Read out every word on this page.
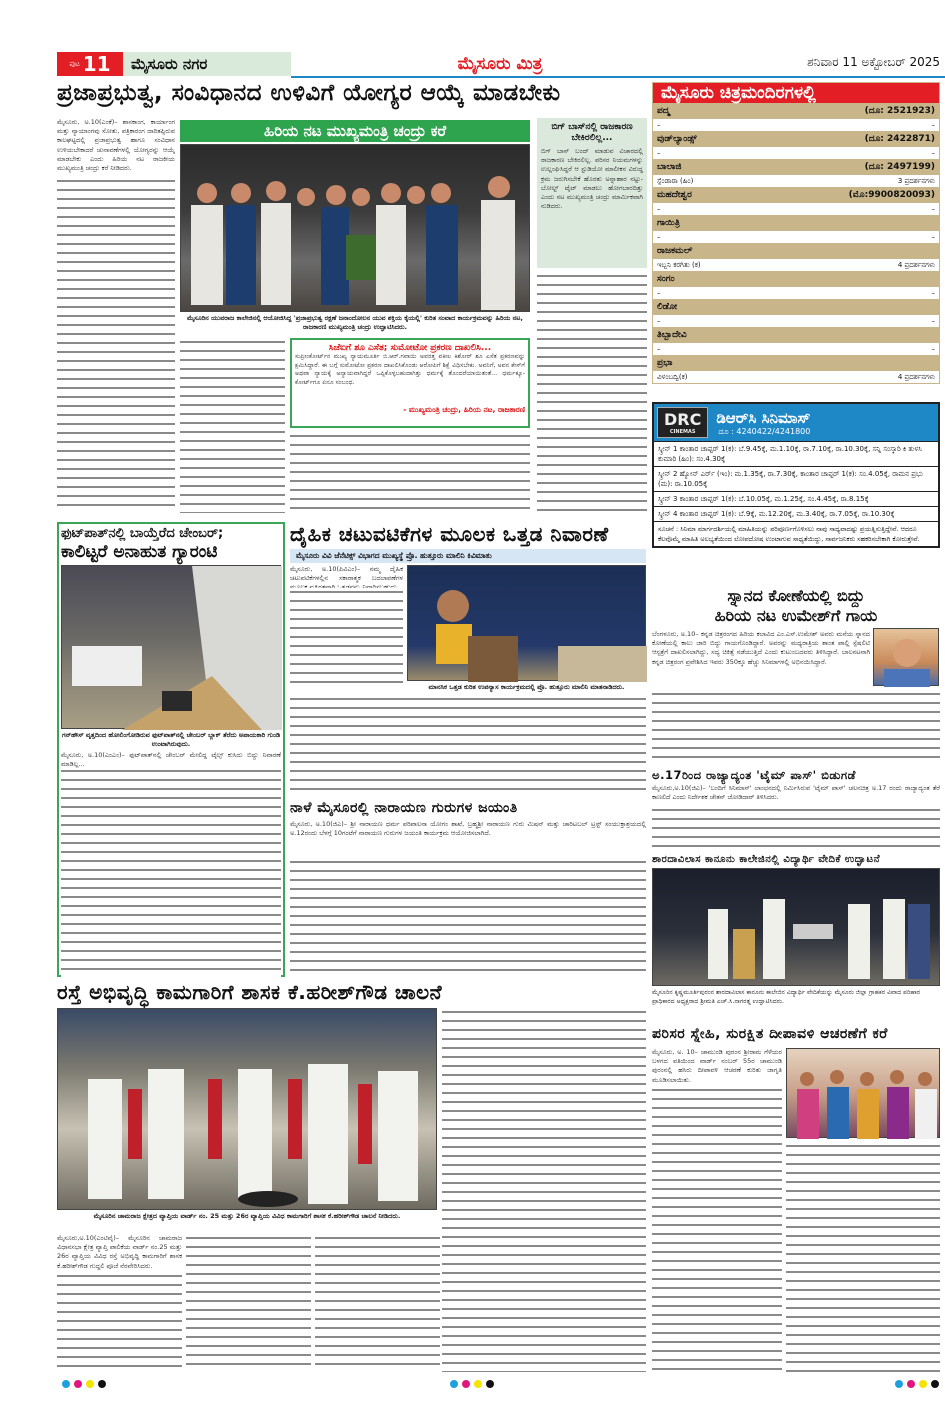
ಪುಟ 11	ಮೈಸೂರು ನಗರ	ಮೈಸೂರು ಮಿತ್ರ	ಶನಿವಾರ 11 ಅಕ್ಟೋಬರ್ 2025
ಪ್ರಜಾಪ್ರಭುತ್ವ, ಸಂವಿಧಾನದ ಉಳಿವಿಗೆ ಯೋಗ್ಯರ ಆಯ್ಕೆ ಮಾಡಬೇಕು
ಹಿರಿಯ ನಟ ಮುಖ್ಯಮಂತ್ರಿ ಚಂದ್ರು ಕರೆ
ಮೈಸೂರು, ಅ.10(ಎಂಕೆ)– ಶಾಸಕಾಂಗ, ಕಾರ್ಯಾಂಗ ಮತ್ತು ನ್ಯಾಯಾಂಗವು ಸೋತು, ಪತ್ರಿಕಾರಂಗ ದಾರಿತಪ್ಪಿರುವ ಕಾಲಘಟ್ಟದಲ್ಲಿ ಪ್ರಜಾಪ್ರಭುತ್ವ ಹಾಗೂ ಸಂವಿಧಾನ ಉಳಿಯಬೇಕಾದರೆ ಚುನಾವಣೆಗಳಲ್ಲಿ ಯೋಗ್ಯರನ್ನು ಆಯ್ಕೆ ಮಾಡಬೇಕು ಎಂದು ಹಿರಿಯ ನಟ ರಾಜಕೀಯ ಮುಖ್ಯಮಂತ್ರಿ ಚಂದ್ರು ಕರೆ ನೀಡಿದರು.
ಮೈಸೂರಿನ ಯುವರಾಜ ಕಾಲೇಜಿನಲ್ಲಿ ಆಯೋಜಿಸಿದ್ದ 'ಪ್ರಜಾಪ್ರಭುತ್ವ ರಕ್ಷಣೆ ಜನಾಂದೋಲನ ಯುವ ಶಕ್ತಿಯ ಕೈಯಲ್ಲಿ' ಕುರಿತ ಸಂವಾದ ಕಾರ್ಯಕ್ರಮವನ್ನು ಹಿರಿಯ ನಟ, ರಾಜಕಾರಣಿ ಮುಖ್ಯಮಂತ್ರಿ ಚಂದ್ರು ಉದ್ಘಾಟಿಸಿದರು.
ಬಿಗ್ ಬಾಸ್‌ನಲ್ಲಿ ರಾಜಕಾರಣ ಬೇಕಿರಲಿಲ್ಲ...
ಬಿಗ್ ಬಾಸ್ ಬಂದ್ ಮಾಡುವ ವಿಚಾರದಲ್ಲಿ ರಾಜಕಾರಣ ಬೇಕಿರಲಿಲ್ಲ. ಪರಿಸರ ನಿಯಮಗಳನ್ನು ಉಲ್ಲಂಘಿಸಿದ್ದರೆ ಆ ಸ್ಟುಡಿಯೋ ಮಾಲೀಕನ ವಿರುದ್ಧ ಕ್ರಮ ಜರುಗಿಸಬೇಕೆ ಹೊರತು ಅನ್ನಾಹಾರ ನಟ್ಟು-ಬೋಲ್ಟ್ ಟೈಟ್ ಮಾಡಲು ಹೋಗಬಾರದಿತ್ತು ಎಂದು ನಟ ಮುಖ್ಯಮಂತ್ರಿ ಚಂದ್ರು ಮಾರ್ಮಿಕವಾಗಿ ನುಡಿದರು.
ಸಿಜೆಐಗೆ ಶೂ ಎಸೆತ; ಸುಮೋಟೋ ಪ್ರಕರಣ ದಾಖಲಿಸಿ...
ಸುಪ್ರೀಂಕೋರ್ಟ್‌ನ ಮುಖ್ಯ ನ್ಯಾಯಮೂರ್ತಿ ಬಿ.ಆರ್.ಗವಾಯಿ ಅವರತ್ತ ವಕೀಲ ಕಿಶೋರ್ ಶೂ ಎಸೆತ ಪ್ರಕರಣವನ್ನು ಕ್ಷಮಿಸಿದ್ದಾರೆ. ಈ ಬಗ್ಗೆ ಸುಮೋಟೋ ಪ್ರಕರಣ ದಾಖಲಿಸಿಕೊಂಡು ಆರೋಪಿಗೆ ಶಿಕ್ಷೆ ವಿಧಿಸಬೇಕು. ಅವನಿಗೆ, ಅವನ ಕೇಸ್‌ಗೆ ಅಥವಾ ನ್ಯಾಯಕ್ಕೆ ಅನ್ಯಾಯವಾಗಿದ್ದರೆ ಒಪ್ಪಿಕೊಳ್ಳಬಹುದಾಗಿತ್ತು ಧರ್ಮಕ್ಕೆ ತೊಂದರೆಯಾಯಿತಂತೆ... ಧರ್ಮಕ್ಕೂ-ಕೋರ್ಟ್‌ಗೂ ಏನೂ ಸಂಬಂಧ.
- ಮುಖ್ಯಮಂತ್ರಿ ಚಂದ್ರು, ಹಿರಿಯ ನಟ, ರಾಜಕಾರಣಿ
ಮೈಸೂರು ಚಿತ್ರಮಂದಿರಗಳಲ್ಲಿ
ಪದ್ಮ	(ದೂ: 2521923)
–	–
ವುಡ್‌ಲ್ಯಾಂಡ್ಸ್	(ದೂ: 2422871)
–	–
ಬಾಲಾಜಿ	(ದೂ: 2497199)
ಸ್ಪೆಂಡಾರಾ (ಹಿಂ)	3 ಪ್ರದರ್ಶನಗಳು
ಮಹದೇಶ್ವರ	(ಮೊ:9900820093)
–	–
ಗಾಯಿತ್ರಿ
–	–
ರಾಜಕಮಲ್
ಇಬ್ಬನಿ ಕರಗಿತು (ಕ)	4 ಪ್ರದರ್ಶನಗಳು
ಸಂಗಂ
–	–
ಲಿಡೋ
–	–
ತಿಬ್ಬಾದೇವಿ
–	–
ಪ್ರಭಾ
ವಿಳಂಬದ್ವಿ(ಕ)	4 ಪ್ರದರ್ಶನಗಳು
DRC
CINEMAS
ಡಿಆರ್‌ಸಿ ಸಿನಿಮಾಸ್
ದೂ : 4240422/4241800
ಸ್ಕ್ರೀನ್ 1 ಕಾಂತಾರ ಚಾಪ್ಟರ್ 1(ಕ): ಬೆ.9.45ಕ್ಕೆ, ಮ.1.10ಕ್ಕೆ, ರಾ.7.10ಕ್ಕೆ, ರಾ.10.30ಕ್ಕೆ, ಸನ್ನಿ ಸಂಸ್ಕಾರಿ ಕಿ ತುಳಸಿ ಕುಮಾರಿ (ಹಿಂ): ಸಂ.4.30ಕ್ಕೆ
ಸ್ಕ್ರೀನ್ 2 ಹ್ಯೋನ್ ಎರ್ರ್ (ಇಂ): ಮ.1.35ಕ್ಕೆ, ರಾ.7.30ಕ್ಕೆ, ಕಾಂತಾರ ಚಾಪ್ಟರ್ 1(ಕ): ಸಂ.4.05ಕ್ಕೆ, ರಾಮನ ಪ್ರಭು (ಮ): ರಾ.10.05ಕ್ಕೆ
ಸ್ಕ್ರೀನ್ 3 ಕಾಂತಾರ ಚಾಪ್ಟರ್ 1(ಕ): ಬೆ.10.05ಕ್ಕೆ, ಮ.1.25ಕ್ಕೆ, ಸಂ.4.45ಕ್ಕೆ, ರಾ.8.15ಕ್ಕೆ
ಸ್ಕ್ರೀನ್ 4 ಕಾಂತಾರ ಚಾಪ್ಟರ್ 1(ಕ): ಬೆ.9ಕ್ಕೆ, ಮ.12.20ಕ್ಕೆ, ಮ.3.40ಕ್ಕೆ, ರಾ.7.05ಕ್ಕೆ, ರಾ.10.30ಕ್ಕೆ
ಸೂಚನೆ : ಸಿನಿಮಾ ಮಾರ್ಗದರ್ಶಿಯಲ್ಲಿ ಮಾಹಿತಿಯನ್ನು ಪರಿಪೂರ್ಣಗೊಳಿಸಲು ನಾವು ಸಾಧ್ಯವಾದಷ್ಟು ಪ್ರಯತ್ನಿಸುತ್ತಿದ್ದೇವೆ. ಆದರೂ ಕೆಲವೊಮ್ಮೆ ಮಾಹಿತಿ ಅಲಭ್ಯತೆಯಿಂದ ಲೋಪದೋಷ ಉಂಟಾಗುವ ಸಾಧ್ಯತೆಯಿದ್ದು, ಸಾರ್ವಜನಿಕರು ಸಹಕರಿಸಬೇಕಾಗಿ ಕೋರುತ್ತೇವೆ.
ಸ್ನಾನದ ಕೋಣೆಯಲ್ಲಿ ಬಿದ್ದು
ಹಿರಿಯ ನಟ ಉಮೇಶ್‌ಗೆ ಗಾಯ
ಬೆಂಗಳೂರು, ಅ.10– ಕನ್ನಡ ಚಿತ್ರರಂಗದ ಹಿರಿಯ ಕಲಾವಿದ ಎಂ.ಎಸ್.ಉಮೇಶ್ ಅವರು ಮನೆಯ ಸ್ನಾನದ ಕೋಣೆಯಲ್ಲಿ ಕಾಲು ಜಾರಿ ಬಿದ್ದು ಗಾಯಗೊಂಡಿದ್ದಾರೆ. ಅವರನ್ನು ಮಧ್ಯರಾತ್ರಿಯ ಶಾಂತ ಪಾಲ್ಲಿ ಸ್ಪೆಷಲಿಟಿ ಆಸ್ಪತ್ರೆಗೆ ದಾಖಲಿಸಲಾಗಿದ್ದು, ಸದ್ಯ ಚಿಕಿತ್ಸೆ ನಡೆಯುತ್ತಿದೆ ಎಂದು ಕುಟುಂಬದವರು ತಿಳಿಸಿದ್ದಾರೆ. ಬಾಲನಟನಾಗಿ ಕನ್ನಡ ಚಿತ್ರರಂಗ ಪ್ರವೇಶಿಸಿದ ಇವರು 350ಕ್ಕೂ ಹೆಚ್ಚು ಸಿನಿಮಾಗಳಲ್ಲಿ ಅಭಿನಯಿಸಿದ್ದಾರೆ.
ಅ.17ರಿಂದ ರಾಜ್ಯಾದ್ಯಂತ 'ಟೈಮ್ ಪಾಸ್' ಬಿಡುಗಡೆ
ಮೈಸೂರು,ಅ.10(ಜಿಎ)– 'ಬಂದಿಗೆ ಸಿನಿಮಾಸ್' ಲಾಂಛನದಲ್ಲಿ ನಿರ್ಮಿಸಿರುವ 'ಟೈಮ್ ಪಾಸ್' ಚಲನಚಿತ್ರ ಅ.17 ರಂದು ರಾಜ್ಯಾದ್ಯಂತ ತೆರೆ ಕಾಣಲಿದೆ ಎಂದು ನಿರ್ದೇಶಕ ಚೇತನ್ ಜೋಡಿದಾರ್ ತಿಳಿಸಿದರು.
ಫುಟ್‌ಪಾತ್‌ನಲ್ಲಿ ಬಾಯ್ತೆರೆದ ಚೇಂಬರ್;
ಕಾಲಿಟ್ಟರೆ ಅನಾಹುತ ಗ್ಯಾರಂಟಿ
ಗನ್‌ಹೌಸ್ ವೃತ್ತದಿಂದ ಹೋಲಿಂಗೋಡಿರುವ ಫುಟ್‌ಪಾತ್‌ನಲ್ಲಿ ಚೇಂಬರ್ ಬ್ಲಾಕ್ ತೆರೆದು ಅಪಾಯಕಾರಿ ಗುಂಡಿ ಉಂಟಾಗಿರುವುದು.
ಮೈಸೂರು, ಅ.10(ಎಂಎಂ)– ಫುಟ್‌ಪಾತ್‌ನಲ್ಲಿ ಚೇಂಬರ್ ಮೇಲಿದ್ದ ಟೈಲ್ಸ್ ಕುಸಿದು ಬಿದ್ದು ನಿವಾರಣೆ ಮಾಡಿಲ್ಲ...
ದೈಹಿಕ ಚಟುವಟಿಕೆಗಳ ಮೂಲಕ ಒತ್ತಡ ನಿವಾರಣೆ
ಮೈಸೂರು ವಿವಿ ಜೆನೆಟಿಕ್ಸ್ ವಿಭಾಗದ ಮುಖ್ಯಸ್ಥೆ ಪ್ರೊ. ಹುತ್ತೂರು ಮಾಲಿನಿ ಕಿವಿಮಾತು
ಮೈಸೂರು, ಅ.10(ಪಿವಿಎಂ)– ನಮ್ಮ ದೈಹಿಕ ಚಟುವಟಿಕೆಗಳಲ್ಲಿನ ಸಕಾರಾತ್ಮಕ ಬದಲಾವಣೆಗಳ
ಮಾನಸಿಕ ಒತ್ತಡ ಕುರಿತ ಉಪನ್ಯಾಸ ಕಾರ್ಯಕ್ರಮದಲ್ಲಿ ಪ್ರೊ. ಹುತ್ತೂರು ಮಾಲಿನಿ ಮಾತನಾಡಿದರು.
ನಾಳೆ ಮೈಸೂರಲ್ಲಿ ನಾರಾಯಣ ಗುರುಗಳ ಜಯಂತಿ
ಮೈಸೂರು, ಅ.10(ಜಿಎ)– ಶ್ರೀ ನಾರಾಯಣ ಧರ್ಮ ಪರಿಪಾಲನಾ ಯೋಗಂ ಶಾಖೆ, ಬ್ರಹ್ಮಶ್ರೀ ನಾರಾಯಣ ಗುರು ಮಿಷನ್ ಮತ್ತು ಚಾರಿಟಬಲ್ ಟ್ರಸ್ಟ್ ಸಂಯುಕ್ತಾಶ್ರಯದಲ್ಲಿ ಅ.12ರಂದು ಬೆಳಗ್ಗೆ 10ಗಂಟೆಗೆ ನಾರಾಯಣ ಗುರುಗಳ ಜಯಂತಿ ಕಾರ್ಯಕ್ರಮ ಆಯೋಜಿಸಲಾಗಿದೆ.
ಶಾರದಾವಿಲಾಸ ಕಾನೂನು ಕಾಲೇಜಿನಲ್ಲಿ ವಿದ್ಯಾರ್ಥಿ ವೇದಿಕೆ ಉದ್ಘಾಟನೆ
ಮೈಸೂರಿನ ಕೃಷ್ಣಮೂರ್ತಿಪುರಂನ ಶಾರದಾವಿಲಾಸ ಕಾನೂನು ಕಾಲೇಜಿನ ವಿದ್ಯಾರ್ಥಿ ವೇದಿಕೆಯನ್ನು ಮೈಸೂರು ಜಿಲ್ಲಾ ಗ್ರಾಹಕರ ವಿವಾದ ಪರಿಹಾರ ಪ್ರಾಧಿಕಾರದ ಅಧ್ಯಕ್ಷರಾದ ಶ್ರೀಮತಿ ಎಚ್.ಸಿ.ನಾಗರತ್ನ ಉದ್ಘಾಟಿಸಿದರು.
ರಸ್ತೆ ಅಭಿವೃದ್ಧಿ ಕಾಮಗಾರಿಗೆ ಶಾಸಕ ಕೆ.ಹರೀಶ್‌ಗೌಡ ಚಾಲನೆ
ಮೈಸೂರಿನ ಚಾಮರಾಜ ಕ್ಷೇತ್ರದ ವ್ಯಾಪ್ತಿಯ ವಾರ್ಡ್ ನಂ. 25 ಮತ್ತು 26ರ ವ್ಯಾಪ್ತಿಯ ವಿವಿಧ ಕಾಮಗಾರಿಗೆ ಶಾಸಕ ಕೆ.ಹರೀಶ್‌ಗೌಡ ಚಾಲನೆ ನೀಡಿದರು.
ಮೈಸೂರು,ಅ.10(ಎಂಟಿವೈ)– ಮೈಸೂರಿನ ಚಾಮರಾಜ ವಿಧಾನಸಭಾ ಕ್ಷೇತ್ರ ವ್ಯಾಪ್ತಿ ಪಾಲಿಕೆಯ ವಾರ್ಡ್ ನಂ.25 ಮತ್ತು 26ರ ವ್ಯಾಪ್ತಿಯ ವಿವಿಧ ರಸ್ತೆ ಅಭಿವೃದ್ಧಿ ಕಾಮಗಾರಿಗೆ ಶಾಸಕ ಕೆ.ಹರೀಶ್‌ಗೌಡ ಗುದ್ದಲಿ ಪೂಜೆ ನೆರವೇರಿಸಿದರು.
ಪರಿಸರ ಸ್ನೇಹಿ, ಸುರಕ್ಷಿತ ದೀಪಾವಳಿ ಆಚರಣೆಗೆ ಕರೆ
ಮೈಸೂರು, ಅ. 10– ಚಾಮುಂಡಿ ಪುರಂನ ಶ್ರೀರಾಮ ಗೆಳೆಯರ ಬಳಗದ ವತಿಯಿಂದ ವಾರ್ಡ್ ನಂಬರ್ 55ರ ಚಾಮುಂಡಿ ಪುರಂನಲ್ಲಿ ಹಸಿರು ದೀಪಾವಳಿ ಆಚರಣೆ ಕುರಿತು ಜಾಗೃತಿ ಮೂಡಿಸಲಾಯಿತು.
